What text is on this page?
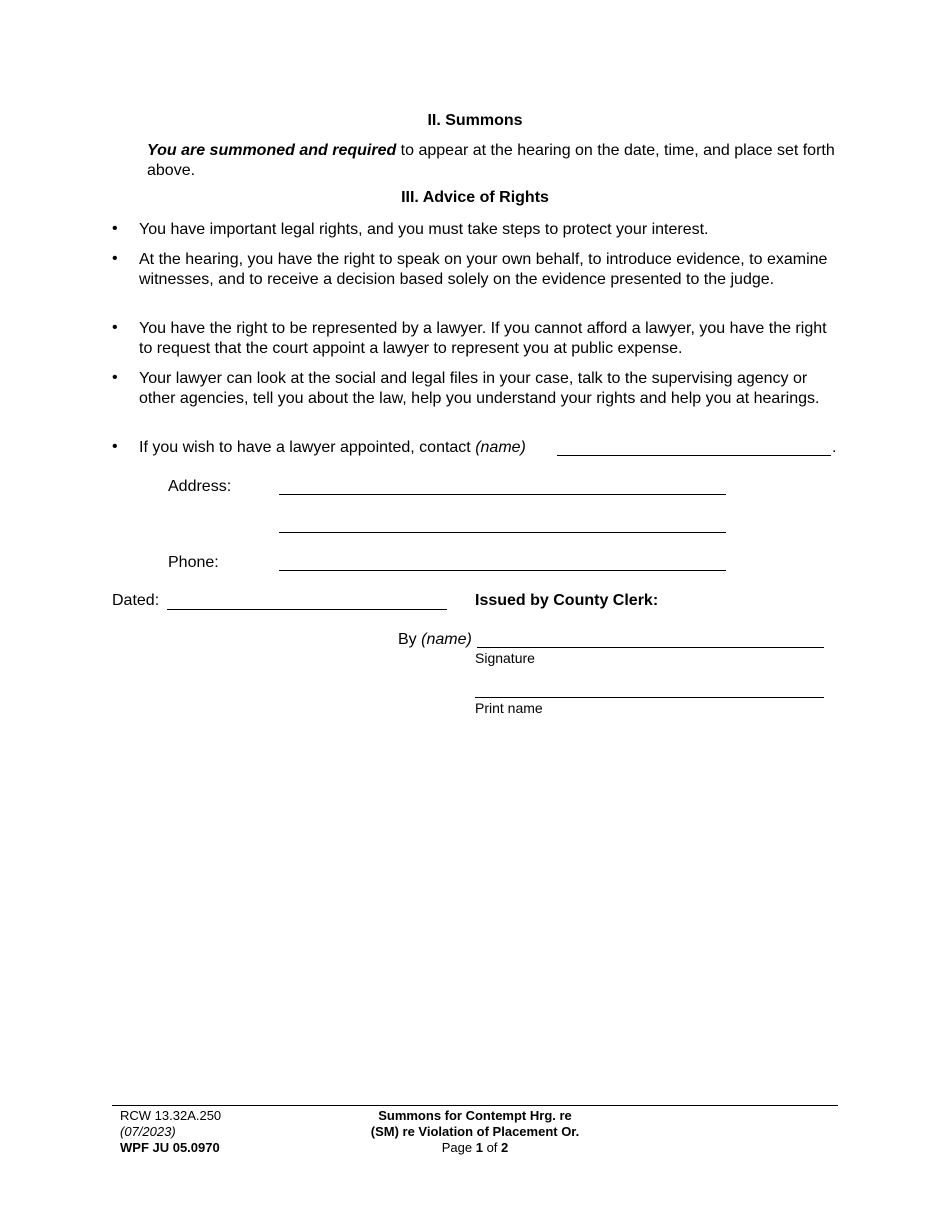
II. Summons
You are summoned and required to appear at the hearing on the date, time, and place set forth above.
III. Advice of Rights
• You have important legal rights, and you must take steps to protect your interest.
• At the hearing, you have the right to speak on your own behalf, to introduce evidence, to examine witnesses, and to receive a decision based solely on the evidence presented to the judge.
• You have the right to be represented by a lawyer. If you cannot afford a lawyer, you have the right to request that the court appoint a lawyer to represent you at public expense.
• Your lawyer can look at the social and legal files in your case, talk to the supervising agency or other agencies, tell you about the law, help you understand your rights and help you at hearings.
• If you wish to have a lawyer appointed, contact (name)	.
Address:
Phone:
Dated:	Issued by County Clerk:
By (name)
Signature
Print name
RCW 13.32A.250
(07/2023)
WPF JU 05.0970
Summons for Contempt Hrg. re
(SM) re Violation of Placement Or.
Page 1 of 2
